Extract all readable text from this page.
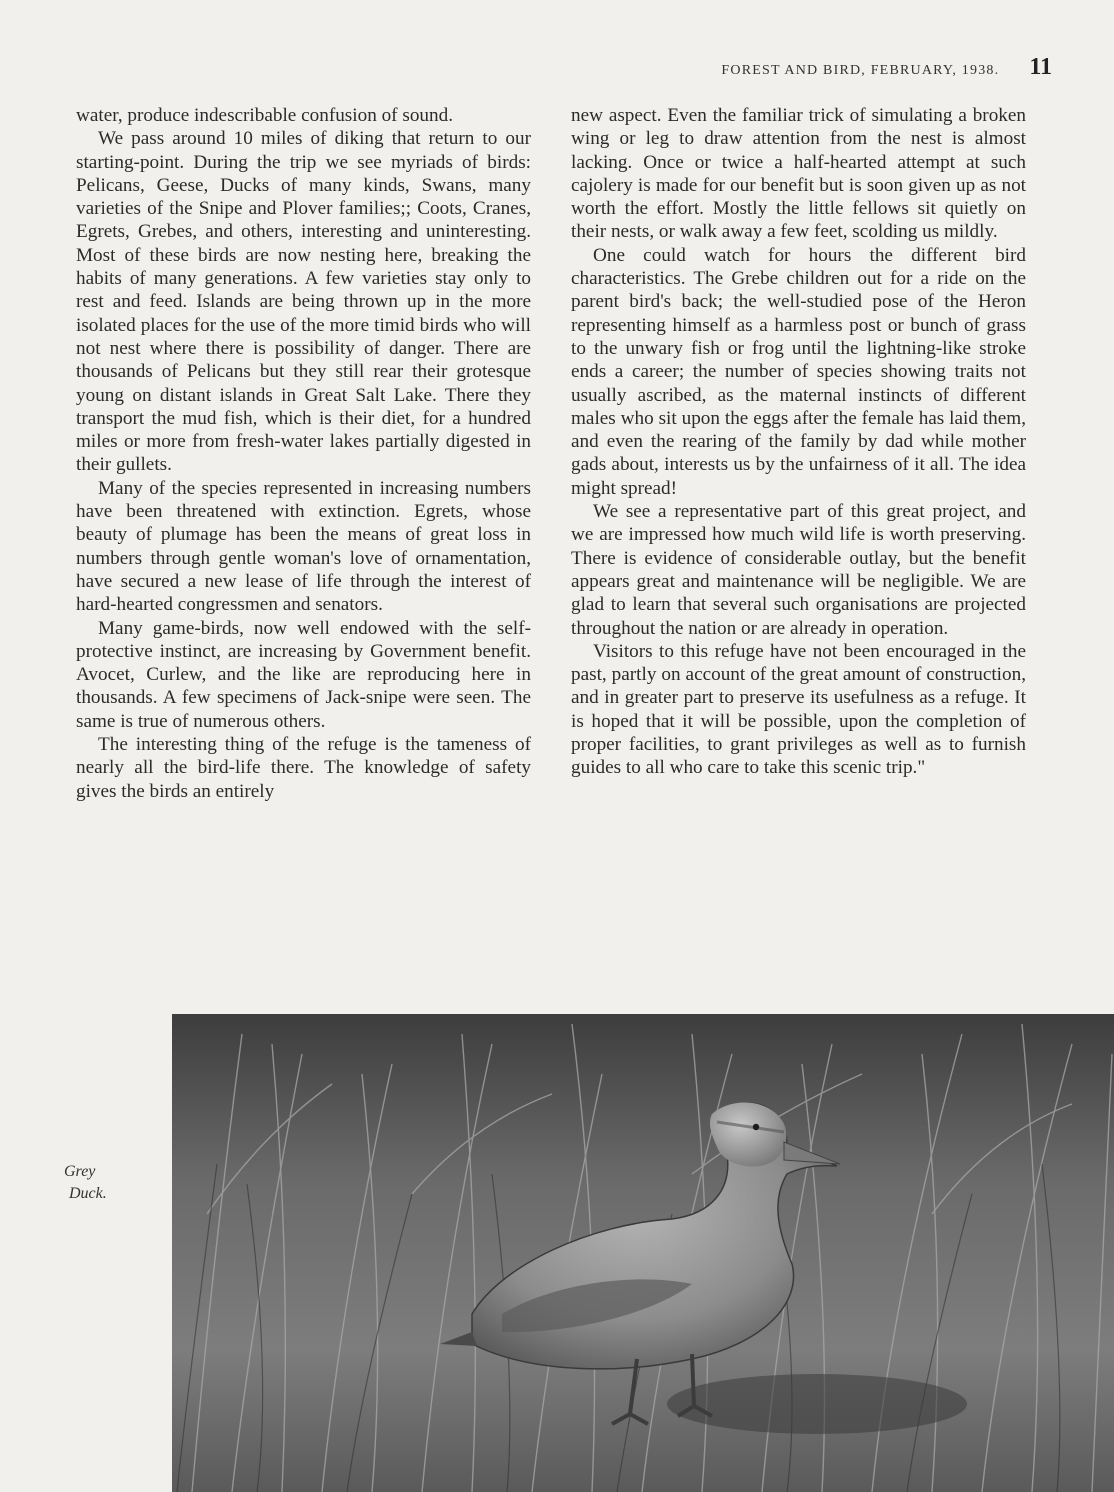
FOREST AND BIRD, FEBRUARY, 1938. 11

water, produce indescribable confusion of sound.

We pass around 10 miles of diking that return to our starting-point. During the trip we see myriads of birds: Pelicans, Geese, Ducks of many kinds, Swans, many varieties of the Snipe and Plover families;; Coots, Cranes, Egrets, Grebes, and others, interesting and uninteresting. Most of these birds are now nesting here, breaking the habits of many generations. A few varieties stay only to rest and feed. Islands are being thrown up in the more isolated places for the use of the more timid birds who will not nest where there is possibility of danger. There are thousands of Pelicans but they still rear their grotesque young on distant islands in Great Salt Lake. There they transport the mud fish, which is their diet, for a hundred miles or more from fresh-water lakes partially digested in their gullets.

Many of the species represented in increasing numbers have been threatened with extinction. Egrets, whose beauty of plumage has been the means of great loss in numbers through gentle woman's love of ornamentation, have secured a new lease of life through the interest of hard-hearted congressmen and senators.

Many game-birds, now well endowed with the self-protective instinct, are increasing by Government benefit. Avocet, Curlew, and the like are reproducing here in thousands. A few specimens of Jack-snipe were seen. The same is true of numerous others.

The interesting thing of the refuge is the tameness of nearly all the bird-life there. The knowledge of safety gives the birds an entirely

new aspect. Even the familiar trick of simulating a broken wing or leg to draw attention from the nest is almost lacking. Once or twice a half-hearted attempt at such cajolery is made for our benefit but is soon given up as not worth the effort. Mostly the little fellows sit quietly on their nests, or walk away a few feet, scolding us mildly.

One could watch for hours the different bird characteristics. The Grebe children out for a ride on the parent bird's back; the well-studied pose of the Heron representing himself as a harmless post or bunch of grass to the unwary fish or frog until the lightning-like stroke ends a career; the number of species showing traits not usually ascribed, as the maternal instincts of different males who sit upon the eggs after the female has laid them, and even the rearing of the family by dad while mother gads about, interests us by the unfairness of it all. The idea might spread!

We see a representative part of this great project, and we are impressed how much wild life is worth preserving. There is evidence of considerable outlay, but the benefit appears great and maintenance will be negligible. We are glad to learn that several such organisations are projected throughout the nation or are already in operation.

Visitors to this refuge have not been encouraged in the past, partly on account of the great amount of construction, and in greater part to preserve its usefulness as a refuge. It is hoped that it will be possible, upon the completion of proper facilities, to grant privileges as well as to furnish guides to all who care to take this scenic trip."

Grey
Duck.
